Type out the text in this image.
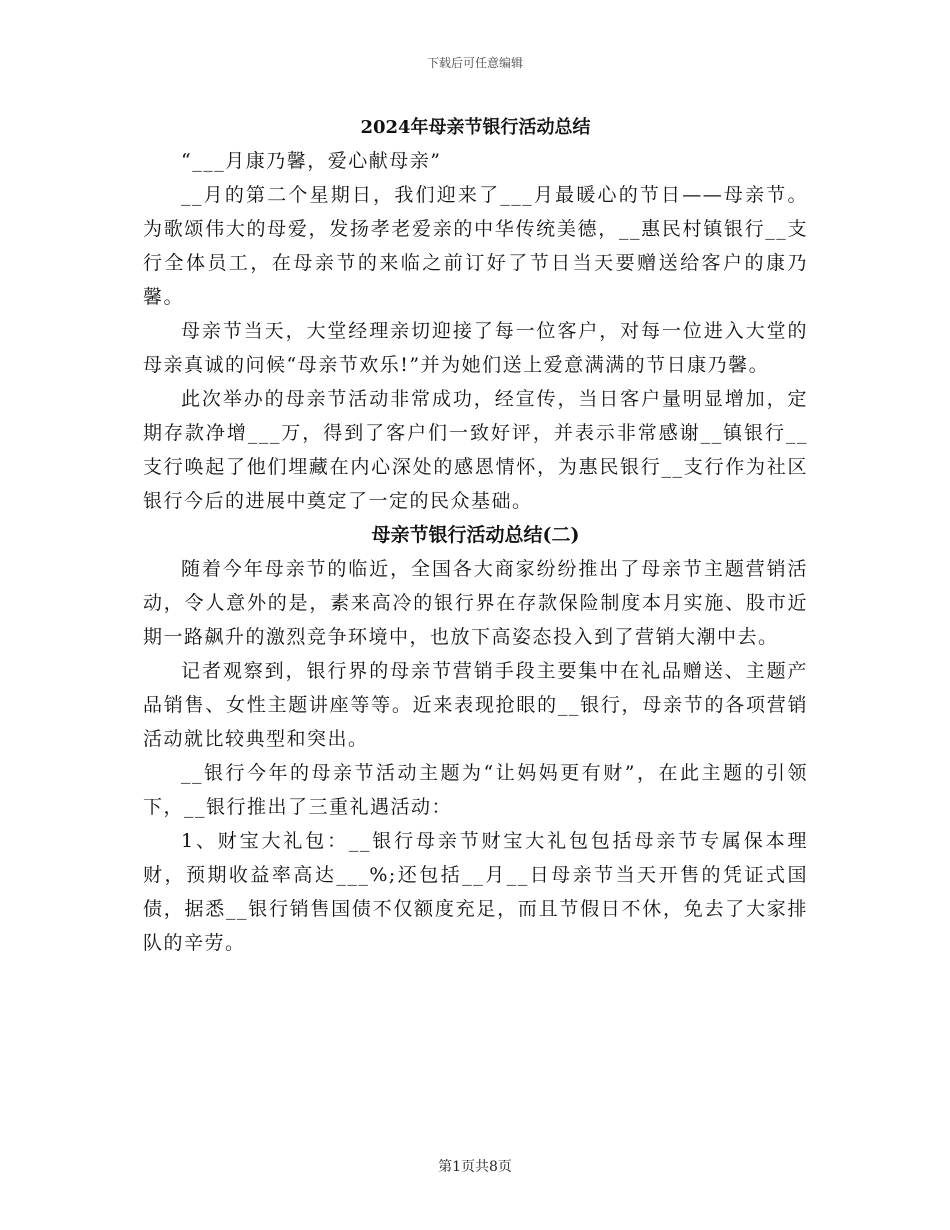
下载后可任意编辑
2024年母亲节银行活动总结

“___月康乃馨，爱心献母亲”

__月的第二个星期日，我们迎来了___月最暖心的节日——母亲节。为歌颂伟大的母爱，发扬孝老爱亲的中华传统美德，__惠民村镇银行__支行全体员工，在母亲节的来临之前订好了节日当天要赠送给客户的康乃馨。

母亲节当天，大堂经理亲切迎接了每一位客户，对每一位进入大堂的母亲真诚的问候“母亲节欢乐!”并为她们送上爱意满满的节日康乃馨。

此次举办的母亲节活动非常成功，经宣传，当日客户量明显增加，定期存款净增___万，得到了客户们一致好评，并表示非常感谢__镇银行__支行唤起了他们埋藏在内心深处的感恩情怀，为惠民银行__支行作为社区银行今后的进展中奠定了一定的民众基础。

母亲节银行活动总结(二)

随着今年母亲节的临近，全国各大商家纷纷推出了母亲节主题营销活动，令人意外的是，素来高冷的银行界在存款保险制度本月实施、股市近期一路飙升的激烈竞争环境中，也放下高姿态投入到了营销大潮中去。

记者观察到，银行界的母亲节营销手段主要集中在礼品赠送、主题产品销售、女性主题讲座等等。近来表现抢眼的__银行，母亲节的各项营销活动就比较典型和突出。

__银行今年的母亲节活动主题为“让妈妈更有财”，在此主题的引领下，__银行推出了三重礼遇活动：

1、财宝大礼包：__银行母亲节财宝大礼包包括母亲节专属保本理财，预期收益率高达___%;还包括__月__日母亲节当天开售的凭证式国债，据悉__银行销售国债不仅额度充足，而且节假日不休，免去了大家排队的辛劳。

第1页共8页
